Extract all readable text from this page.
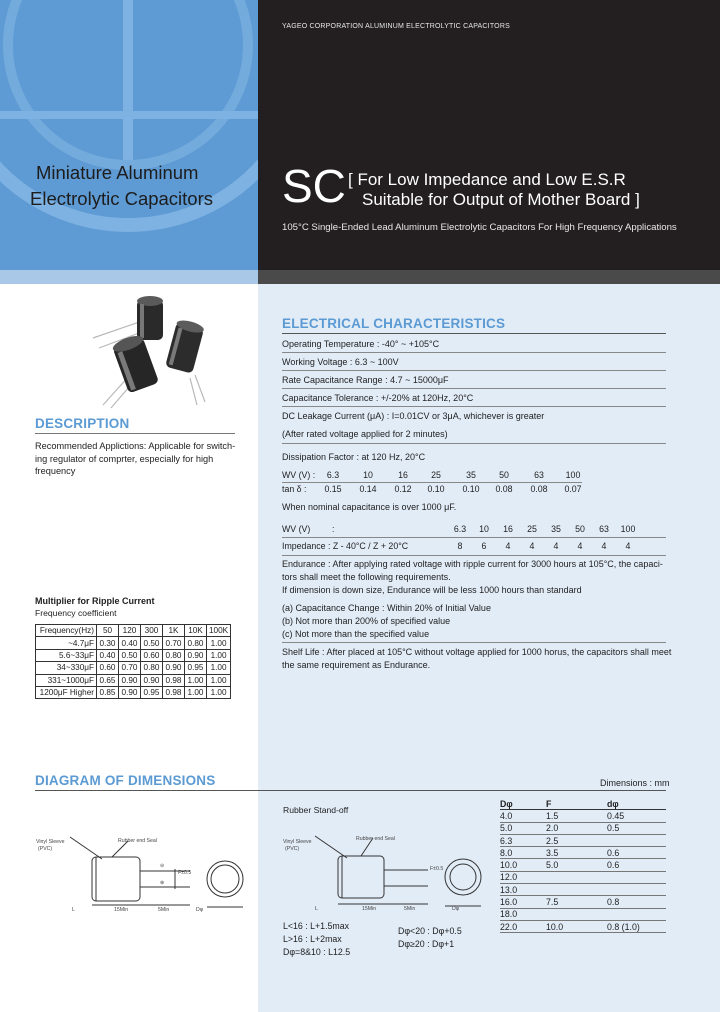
YAGEO CORPORATION ALUMINUM ELECTROLYTIC CAPACITORS
Miniature Aluminum
Electrolytic Capacitors SC [ For Low Impedance and Low E.S.R
Suitable for Output of Mother Board ]
105°C Single-Ended Lead Aluminum Electrolytic Capacitors For High Frequency Applications
DESCRIPTION
Recommended Applictions: Applicable for switch-
ing regulator of comprter, especially for high
frequency
Multiplier for Ripple Current
Frequency coefficient
Frequency(Hz)	50	120	300	1K	10K	100K
~4.7μF	0.30	0.40	0.50	0.70	0.80	1.00
5.6~33μF	0.40	0.50	0.60	0.80	0.90	1.00
34~330μF	0.60	0.70	0.80	0.90	0.95	1.00
331~1000μF	0.65	0.90	0.90	0.98	1.00	1.00
1200μF Higher	0.85	0.90	0.95	0.98	1.00	1.00
ELECTRICAL CHARACTERISTICS
Operating Temperature : -40° ~ +105°C
Working Voltage : 6.3 ~ 100V
Rate Capacitance Range : 4.7 ~ 15000μF
Capacitance Tolerance : +/-20% at 120Hz, 20°C
DC Leakage Current (μA) : I=0.01CV or 3μA, whichever is greater
(After rated voltage applied for 2 minutes)
Dissipation Factor : at 120 Hz, 20°C
WV (V) : 6.3	10	16	25	35	50	63 100
tan δ : 0.15 0.14 0.12 0.10 0.10 0.08 0.08 0.07
When nominal capacitance is over 1000 μF.
WV (V) :	6.3 10 16 25 35 50 63 100
Impedance : Z - 40°C / Z + 20°C	8 6 4 4 4 4 4 4
Endurance : After applying rated voltage with ripple current for 3000 hours at 105°C, the capaci-
tors shall meet the following requirements.
If dimension is down size, Endurance will be less 1000 hours than standard
(a) Capacitance Change : Within 20% of Initial Value
(b) Not more than 200% of specified value
(c) Not more than the specified value
Shelf Life : After placed at 105°C without voltage applied for 1000 horus, the capacitors shall meet
the same requirement as Endurance.
DIAGRAM OF DIMENSIONS	Dimensions : mm
Rubber Stand-off
Vinyl Sleeve
(PVC)
Rubber end Seal
⊖
⊕
F±0.5
L	15Min	5Min	Dφ
Vinyl Sleeve
(PVC)
Rubber end Seal
F±0.5
L	15Min	5Min	Dφ
L<16 : L+1.5max
L>16 : L+2max
Dφ=8&10 : L12.5
Dφ<20 : Dφ+0.5
Dφ≥20 : Dφ+1
Dφ	F	dφ
4.0	1.5	0.45
5.0	2.0	0.5
6.3	2.5	
8.0	3.5	0.6
10.0	5.0	0.6
12.0		
13.0		
16.0	7.5	0.8
18.0		
22.0	10.0	0.8 (1.0)
